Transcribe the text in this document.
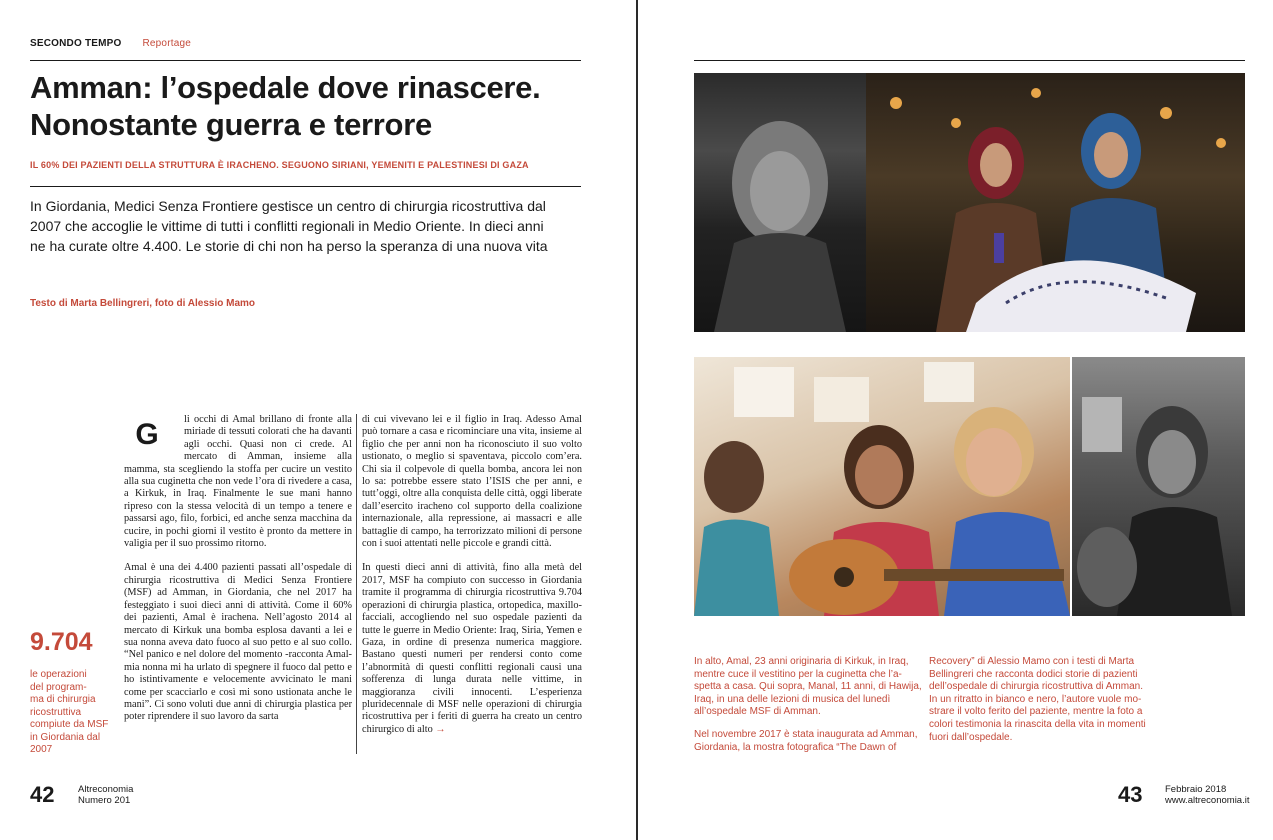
SECONDO TEMPO Reportage
Amman: l’ospedale dove rinascere.
Nonostante guerra e terrore
IL 60% DEI PAZIENTI DELLA STRUTTURA È IRACHENO. SEGUONO SIRIANI, YEMENITI E PALESTINESI DI GAZA
In Giordania, Medici Senza Frontiere gestisce un centro di chirurgia ricostruttiva dal
2007 che accoglie le vittime di tutti i conflitti regionali in Medio Oriente. In dieci anni
ne ha curate oltre 4.400. Le storie di chi non ha perso la speranza di una nuova vita
Testo di Marta Bellingreri, foto di Alessio Mamo
9.704
le operazioni
del program-
ma di chirurgia
ricostruttiva
compiute da MSF
in Giordania dal
2007

G	li occhi di Amal brillano di fronte alla miriade di tessuti colorati che ha davanti agli occhi. Quasi non ci crede. Al mercato di Amman, insieme alla mamma, sta scegliendo la stoffa per cucire un vestito alla sua cuginetta che non vede l’ora di rivedere a casa, a Kirkuk, in Iraq. Finalmente le sue mani hanno ripreso con la stessa velocità di un tempo a tenere e passarsi ago, filo, forbici, ed anche senza macchina da cucire, in pochi giorni il vestito è pronto da mettere in valigia per il suo prossimo ritorno.

Amal è una dei 4.400 pazienti passati all’ospedale di chirurgia ricostruttiva di Medici Senza Frontiere (MSF) ad Amman, in Giordania, che nel 2017 ha festeggiato i suoi dieci anni di attività. Come il 60% dei pazienti, Amal è irachena. Nell’agosto 2014 al mercato di Kirkuk una bomba esplosa davanti a lei e sua nonna aveva dato fuoco al suo petto e al suo collo. “Nel panico e nel dolore del momento -racconta Amal- mia nonna mi ha urlato di spegnere il fuoco dal petto e ho istintivamente e velocemente avvicinato le mani come per scacciarlo e così mi sono ustionata anche le mani”. Ci sono voluti due anni di chirurgia plastica per poter riprendere il suo lavoro da sarta

di cui vivevano lei e il figlio in Iraq. Adesso Amal può tornare a casa e ricominciare una vita, insieme al figlio che per anni non ha riconosciuto il suo volto ustionato, o meglio si spaventava, piccolo com’era. Chi sia il colpevole di quella bomba, ancora lei non lo sa: potrebbe essere stato l’ISIS che per anni, e tutt’oggi, oltre alla conquista delle città, oggi liberate dall’esercito iracheno col supporto della coalizione internazionale, alla repressione, ai massacri e alle battaglie di campo, ha terrorizzato milioni di persone con i suoi attentati nelle piccole e grandi città.

In questi dieci anni di attività, fino alla metà del 2017, MSF ha compiuto con successo in Giordania tramite il programma di chirurgia ricostruttiva 9.704 operazioni di chirurgia plastica, ortopedica, maxillo-facciali, accogliendo nel suo ospedale pazienti da tutte le guerre in Medio Oriente: Iraq, Siria, Yemen e Gaza, in ordine di presenza numerica maggiore. Bastano questi numeri per rendersi conto come l’abnormità di questi conflitti regionali causi una sofferenza di lunga durata nelle vittime, in maggioranza civili innocenti. L’esperienza pluridecennale di MSF nelle operazioni di chirurgia ricostruttiva per i feriti di guerra ha creato un centro chirurgico di alto →

42 Altreconomia
Numero 201
In alto, Amal, 23 anni originaria di Kirkuk, in Iraq,
mentre cuce il vestitino per la cuginetta che l’a-
spetta a casa. Qui sopra, Manal, 11 anni, di Hawija,
Iraq, in una delle lezioni di musica del lunedì
all’ospedale MSF di Amman.
Nel novembre 2017 è stata inaugurata ad Amman,
Giordania, la mostra fotografica “The Dawn of
Recovery” di Alessio Mamo con i testi di Marta
Bellingreri che racconta dodici storie di pazienti
dell’ospedale di chirurgia ricostruttiva di Amman.
In un ritratto in bianco e nero, l’autore vuole mo-
strare il volto ferito del paziente, mentre la foto a
colori testimonia la rinascita della vita in momenti
fuori dall’ospedale.
43 Febbraio 2018
www.altreconomia.it
